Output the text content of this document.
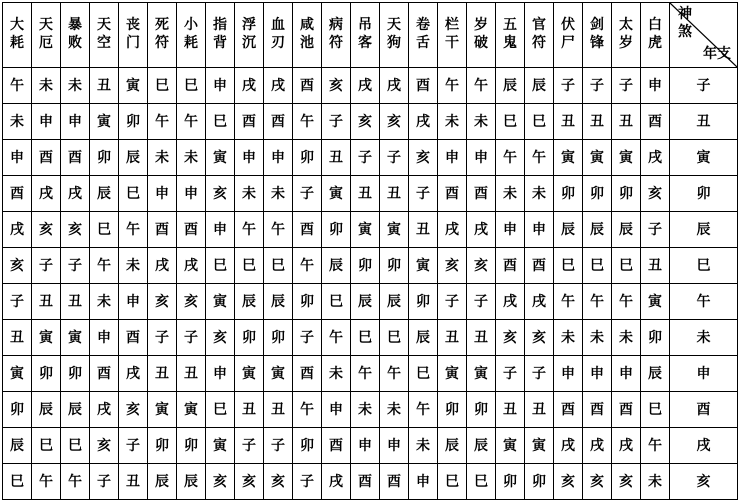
大耗	天厄	暴败	天空	丧门	死符	小耗	指背	浮沉	血刃	咸池	病符	吊客	天狗	卷舌	栏干	岁破	五鬼	官符	伏尸	剑锋	太岁	白虎	神煞
年支

午	未	未	丑	寅	巳	巳	申	戌	戌	酉	亥	戌	戌	酉	午	午	辰	辰	子	子	子	申	子
未	申	申	寅	卯	午	午	巳	酉	酉	午	子	亥	亥	戌	未	未	巳	巳	丑	丑	丑	酉	丑
申	酉	酉	卯	辰	未	未	寅	申	申	卯	丑	子	子	亥	申	申	午	午	寅	寅	寅	戌	寅
酉	戌	戌	辰	巳	申	申	亥	未	未	子	寅	丑	丑	子	酉	酉	未	未	卯	卯	卯	亥	卯
戌	亥	亥	巳	午	酉	酉	申	午	午	酉	卯	寅	寅	丑	戌	戌	申	申	辰	辰	辰	子	辰
亥	子	子	午	未	戌	戌	巳	巳	巳	午	辰	卯	卯	寅	亥	亥	酉	酉	巳	巳	巳	丑	巳
子	丑	丑	未	申	亥	亥	寅	辰	辰	卯	巳	辰	辰	卯	子	子	戌	戌	午	午	午	寅	午
丑	寅	寅	申	酉	子	子	亥	卯	卯	子	午	巳	巳	辰	丑	丑	亥	亥	未	未	未	卯	未
寅	卯	卯	酉	戌	丑	丑	申	寅	寅	酉	未	午	午	巳	寅	寅	子	子	申	申	申	辰	申
卯	辰	辰	戌	亥	寅	寅	巳	丑	丑	午	申	未	未	午	卯	卯	丑	丑	酉	酉	酉	巳	酉
辰	巳	巳	亥	子	卯	卯	寅	子	子	卯	酉	申	申	未	辰	辰	寅	寅	戌	戌	戌	午	戌
巳	午	午	子	丑	辰	辰	亥	亥	亥	子	戌	酉	酉	申	巳	巳	卯	卯	亥	亥	亥	未	亥
